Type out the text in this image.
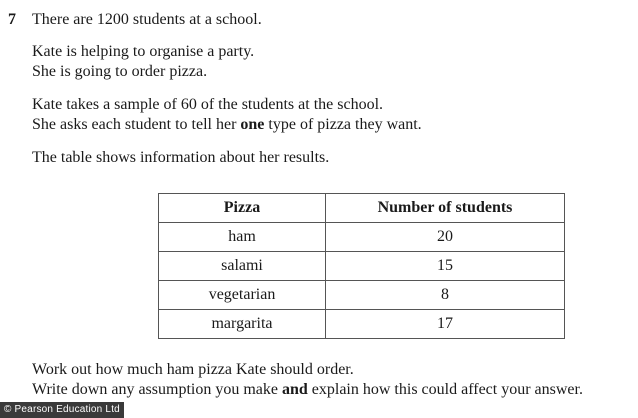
7 There are 1200 students at a school.

Kate is helping to organise a party.

She is going to order pizza.

Kate takes a sample of 60 of the students at the school.

She asks each student to tell her one type of pizza they want.

The table shows information about her results.

Pizza	Number of students
ham	20
salami	15
vegetarian	8
margarita	17

Work out how much ham pizza Kate should order.

Write down any assumption you make and explain how this could affect your answer.

© Pearson Education Ltd
